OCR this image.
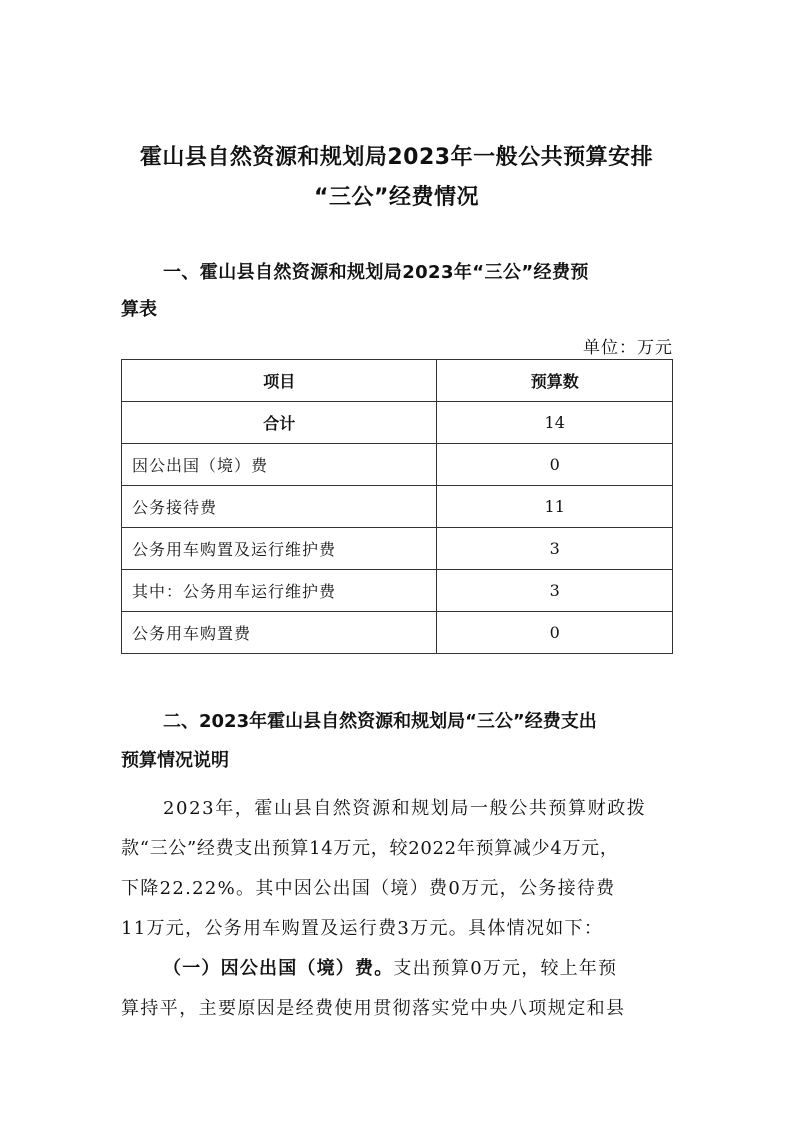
霍山县自然资源和规划局2023年一般公共预算安排
“三公”经费情况
一、霍山县自然资源和规划局2023年“三公”经费预
算表
单位：万元
项目	预算数
合计	14
因公出国（境）费	0
公务接待费	11
公务用车购置及运行维护费	3
其中：公务用车运行维护费	3
公务用车购置费	0
二、2023年霍山县自然资源和规划局“三公”经费支出
预算情况说明
2023年，霍山县自然资源和规划局一般公共预算财政拨
款“三公”经费支出预算14万元，较2022年预算减少4万元，
下降22.22%。其中因公出国（境）费0万元，公务接待费
11万元，公务用车购置及运行费3万元。具体情况如下：
（一）因公出国（境）费。支出预算0万元，较上年预
算持平，主要原因是经费使用贯彻落实党中央八项规定和县
